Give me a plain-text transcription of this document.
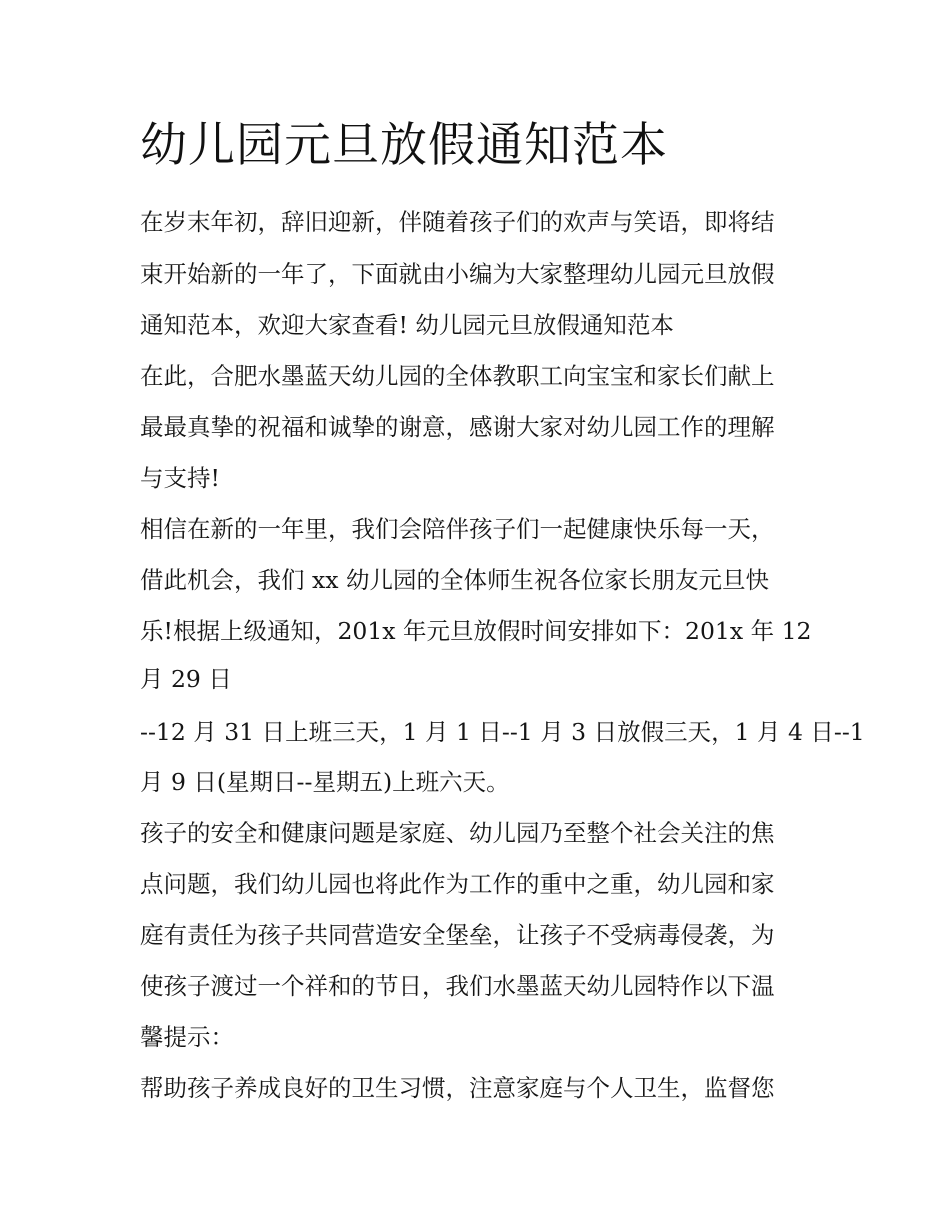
幼儿园元旦放假通知范本
在岁末年初，辞旧迎新，伴随着孩子们的欢声与笑语，即将结
束开始新的一年了，下面就由小编为大家整理幼儿园元旦放假
通知范本，欢迎大家查看! 幼儿园元旦放假通知范本
在此，合肥水墨蓝天幼儿园的全体教职工向宝宝和家长们献上
最最真挚的祝福和诚挚的谢意，感谢大家对幼儿园工作的理解
与支持!
相信在新的一年里，我们会陪伴孩子们一起健康快乐每一天，
借此机会，我们 xx 幼儿园的全体师生祝各位家长朋友元旦快
乐!根据上级通知，201x 年元旦放假时间安排如下：201x 年 12
月 29 日
--12 月 31 日上班三天，1 月 1 日--1 月 3 日放假三天，1 月 4 日--1
月 9 日(星期日--星期五)上班六天。
孩子的安全和健康问题是家庭、幼儿园乃至整个社会关注的焦
点问题，我们幼儿园也将此作为工作的重中之重，幼儿园和家
庭有责任为孩子共同营造安全堡垒，让孩子不受病毒侵袭，为
使孩子渡过一个祥和的节日，我们水墨蓝天幼儿园特作以下温
馨提示：
帮助孩子养成良好的卫生习惯，注意家庭与个人卫生，监督您
